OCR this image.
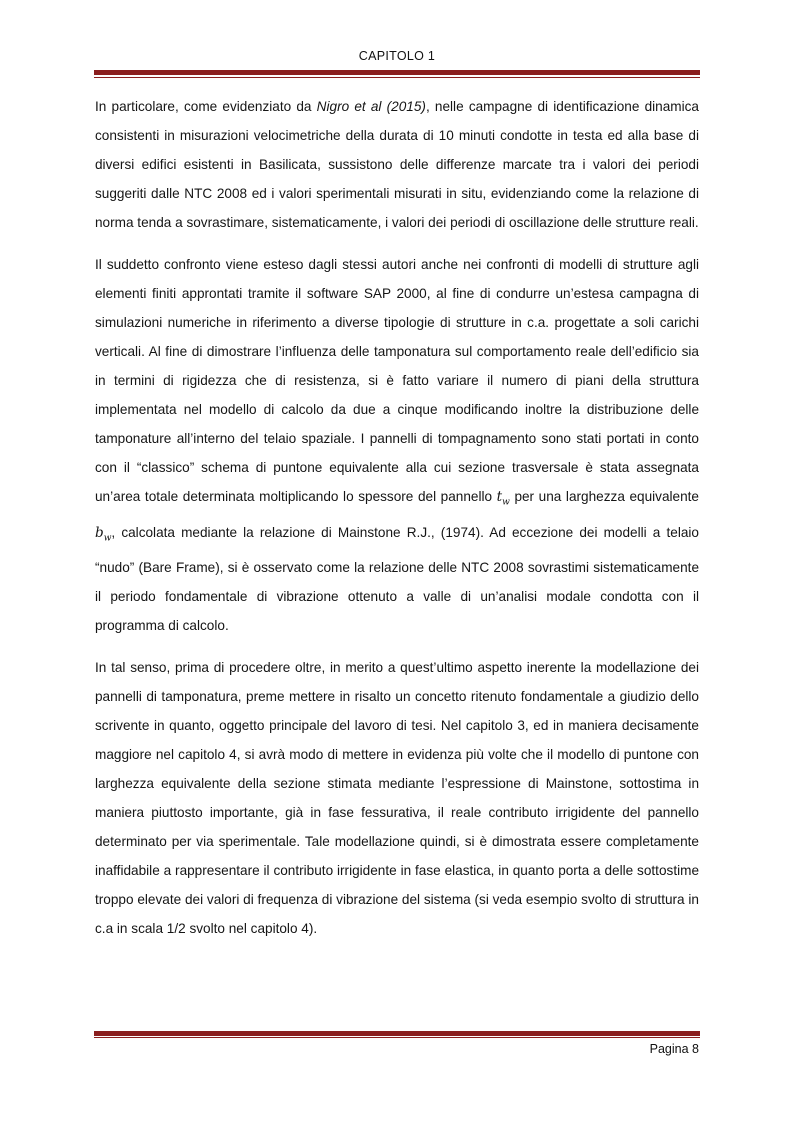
CAPITOLO 1

In particolare, come evidenziato da Nigro et al (2015), nelle campagne di identificazione dinamica consistenti in misurazioni velocimetriche della durata di 10 minuti condotte in testa ed alla base di diversi edifici esistenti in Basilicata, sussistono delle differenze marcate tra i valori dei periodi suggeriti dalle NTC 2008 ed i valori sperimentali misurati in situ, evidenziando come la relazione di norma tenda a sovrastimare, sistematicamente, i valori dei periodi di oscillazione delle strutture reali.

Il suddetto confronto viene esteso dagli stessi autori anche nei confronti di modelli di strutture agli elementi finiti approntati tramite il software SAP 2000, al fine di condurre un’estesa campagna di simulazioni numeriche in riferimento a diverse tipologie di strutture in c.a. progettate a soli carichi verticali. Al fine di dimostrare l’influenza delle tamponatura sul comportamento reale dell’edificio sia in termini di rigidezza che di resistenza, si è fatto variare il numero di piani della struttura implementata nel modello di calcolo da due a cinque modificando inoltre la distribuzione delle tamponature all’interno del telaio spaziale. I pannelli di tompagnamento sono stati portati in conto con il “classico” schema di puntone equivalente alla cui sezione trasversale è stata assegnata un’area totale determinata moltiplicando lo spessore del pannello $t_w$ per una larghezza equivalente $b_w$, calcolata mediante la relazione di Mainstone R.J., (1974). Ad eccezione dei modelli a telaio “nudo” (Bare Frame), si è osservato come la relazione delle NTC 2008 sovrastimi sistematicamente il periodo fondamentale di vibrazione ottenuto a valle di un’analisi modale condotta con il programma di calcolo.

In tal senso, prima di procedere oltre, in merito a quest’ultimo aspetto inerente la modellazione dei pannelli di tamponatura, preme mettere in risalto un concetto ritenuto fondamentale a giudizio dello scrivente in quanto, oggetto principale del lavoro di tesi. Nel capitolo 3, ed in maniera decisamente maggiore nel capitolo 4, si avrà modo di mettere in evidenza più volte che il modello di puntone con larghezza equivalente della sezione stimata mediante l’espressione di Mainstone, sottostima in maniera piuttosto importante, già in fase fessurativa, il reale contributo irrigidente del pannello determinato per via sperimentale. Tale modellazione quindi, si è dimostrata essere completamente inaffidabile a rappresentare il contributo irrigidente in fase elastica, in quanto porta a delle sottostime troppo elevate dei valori di frequenza di vibrazione del sistema (si veda esempio svolto di struttura in c.a in scala 1/2 svolto nel capitolo 4).

Pagina 8
